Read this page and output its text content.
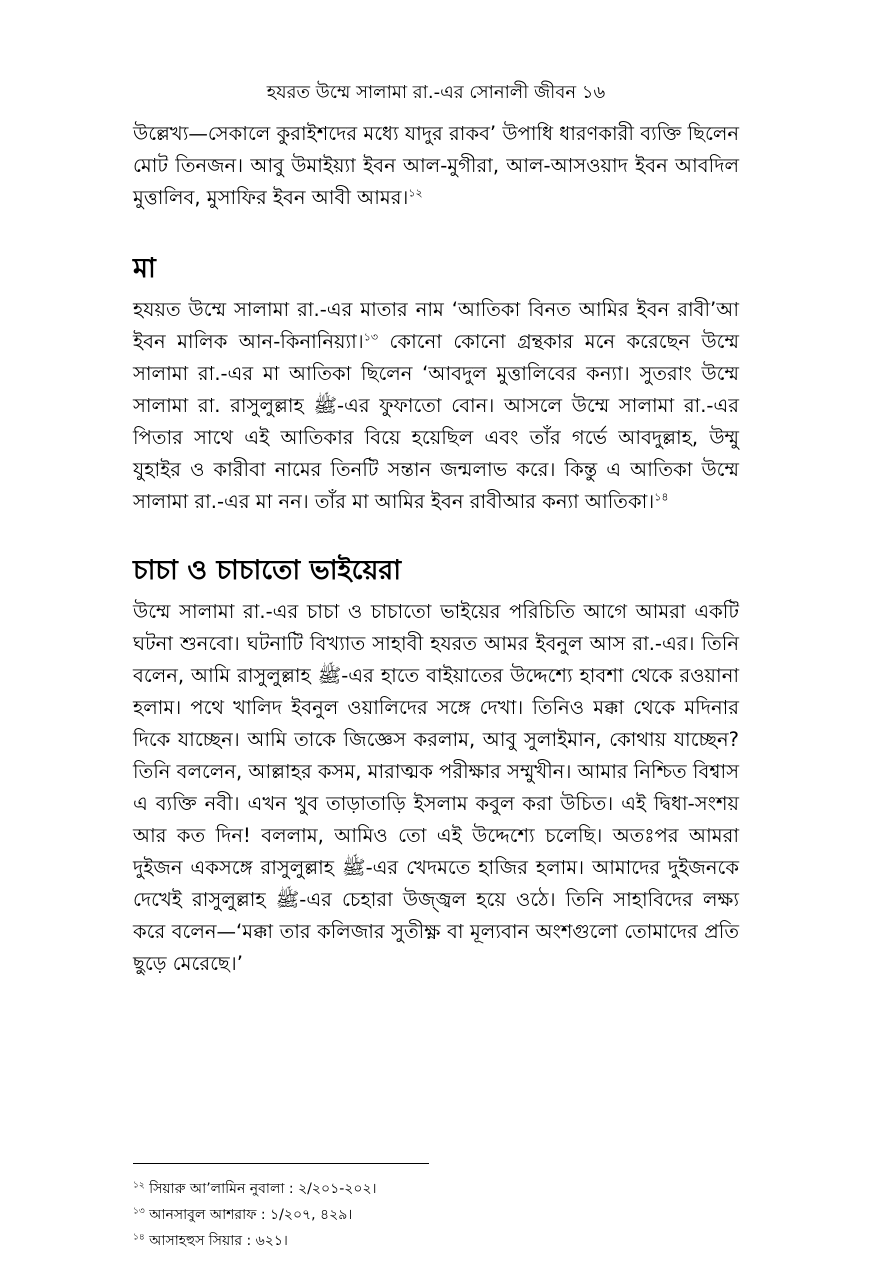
হযরত উম্মে সালামা রা.-এর সোনালী জীবন ১৬

উল্লেখ্য—সেকালে কুরাইশদের মধ্যে যাদুর রাকব’ উপাধি ধারণকারী ব্যক্তি ছিলেন মোট তিনজন। আবু উমাইয়্যা ইবন আল-মুগীরা, আল-আসওয়াদ ইবন আবদিল মুত্তালিব, মুসাফির ইবন আবী আমর।$^{১২}$

মা

হযয়ত উম্মে সালামা রা.-এর মাতার নাম ‘আতিকা বিনত আমির ইবন রাবী’আ ইবন মালিক আন-কিনানিয়্যা।$^{১৩}$ কোনো কোনো গ্রন্থকার মনে করেছেন উম্মে সালামা রা.-এর মা আতিকা ছিলেন ‘আবদুল মুত্তালিবের কন্যা। সুতরাং উম্মে সালামা রা. রাসুলুল্লাহ ﷺ-এর ফুফাতো বোন। আসলে উম্মে সালামা রা.-এর পিতার সাথে এই আতিকার বিয়ে হয়েছিল এবং তাঁর গর্ভে আবদুল্লাহ, উম্মু যুহাইর ও কারীবা নামের তিনটি সন্তান জন্মলাভ করে। কিন্তু এ আতিকা উম্মে সালামা রা.-এর মা নন। তাঁর মা আমির ইবন রাবীআর কন্যা আতিকা।$^{১৪}$

চাচা ও চাচাতো ভাইয়েরা

উম্মে সালামা রা.-এর চাচা ও চাচাতো ভাইয়ের পরিচিতি আগে আমরা একটি ঘটনা শুনবো। ঘটনাটি বিখ্যাত সাহাবী হযরত আমর ইবনুল আস রা.-এর। তিনি বলেন, আমি রাসুলুল্লাহ ﷺ-এর হাতে বাইয়াতের উদ্দেশ্যে হাবশা থেকে রওয়ানা হলাম। পথে খালিদ ইবনুল ওয়ালিদের সঙ্গে দেখা। তিনিও মক্কা থেকে মদিনার দিকে যাচ্ছেন। আমি তাকে জিজ্ঞেস করলাম, আবু সুলাইমান, কোথায় যাচ্ছেন? তিনি বললেন, আল্লাহর কসম, মারাত্মক পরীক্ষার সম্মুখীন। আমার নিশ্চিত বিশ্বাস এ ব্যক্তি নবী। এখন খুব তাড়াতাড়ি ইসলাম কবুল করা উচিত। এই দ্বিধা-সংশয় আর কত দিন! বললাম, আমিও তো এই উদ্দেশ্যে চলেছি। অতঃপর আমরা দুইজন একসঙ্গে রাসুলুল্লাহ ﷺ-এর খেদমতে হাজির হলাম। আমাদের দুইজনকে দেখেই রাসুলুল্লাহ ﷺ-এর চেহারা উজ্জ্বল হয়ে ওঠে। তিনি সাহাবিদের লক্ষ্য করে বলেন—‘মক্কা তার কলিজার সুতীক্ষ্ণ বা মূল্যবান অংশগুলো তোমাদের প্রতি ছুড়ে মেরেছে।’

$^{১২}$ সিয়ারু আ’লামিন নুবালা : ২/২০১-২০২।

$^{১৩}$ আনসাবুল আশরাফ : ১/২০৭, ৪২৯।

$^{১৪}$ আসাহহুস সিয়ার : ৬২১।
